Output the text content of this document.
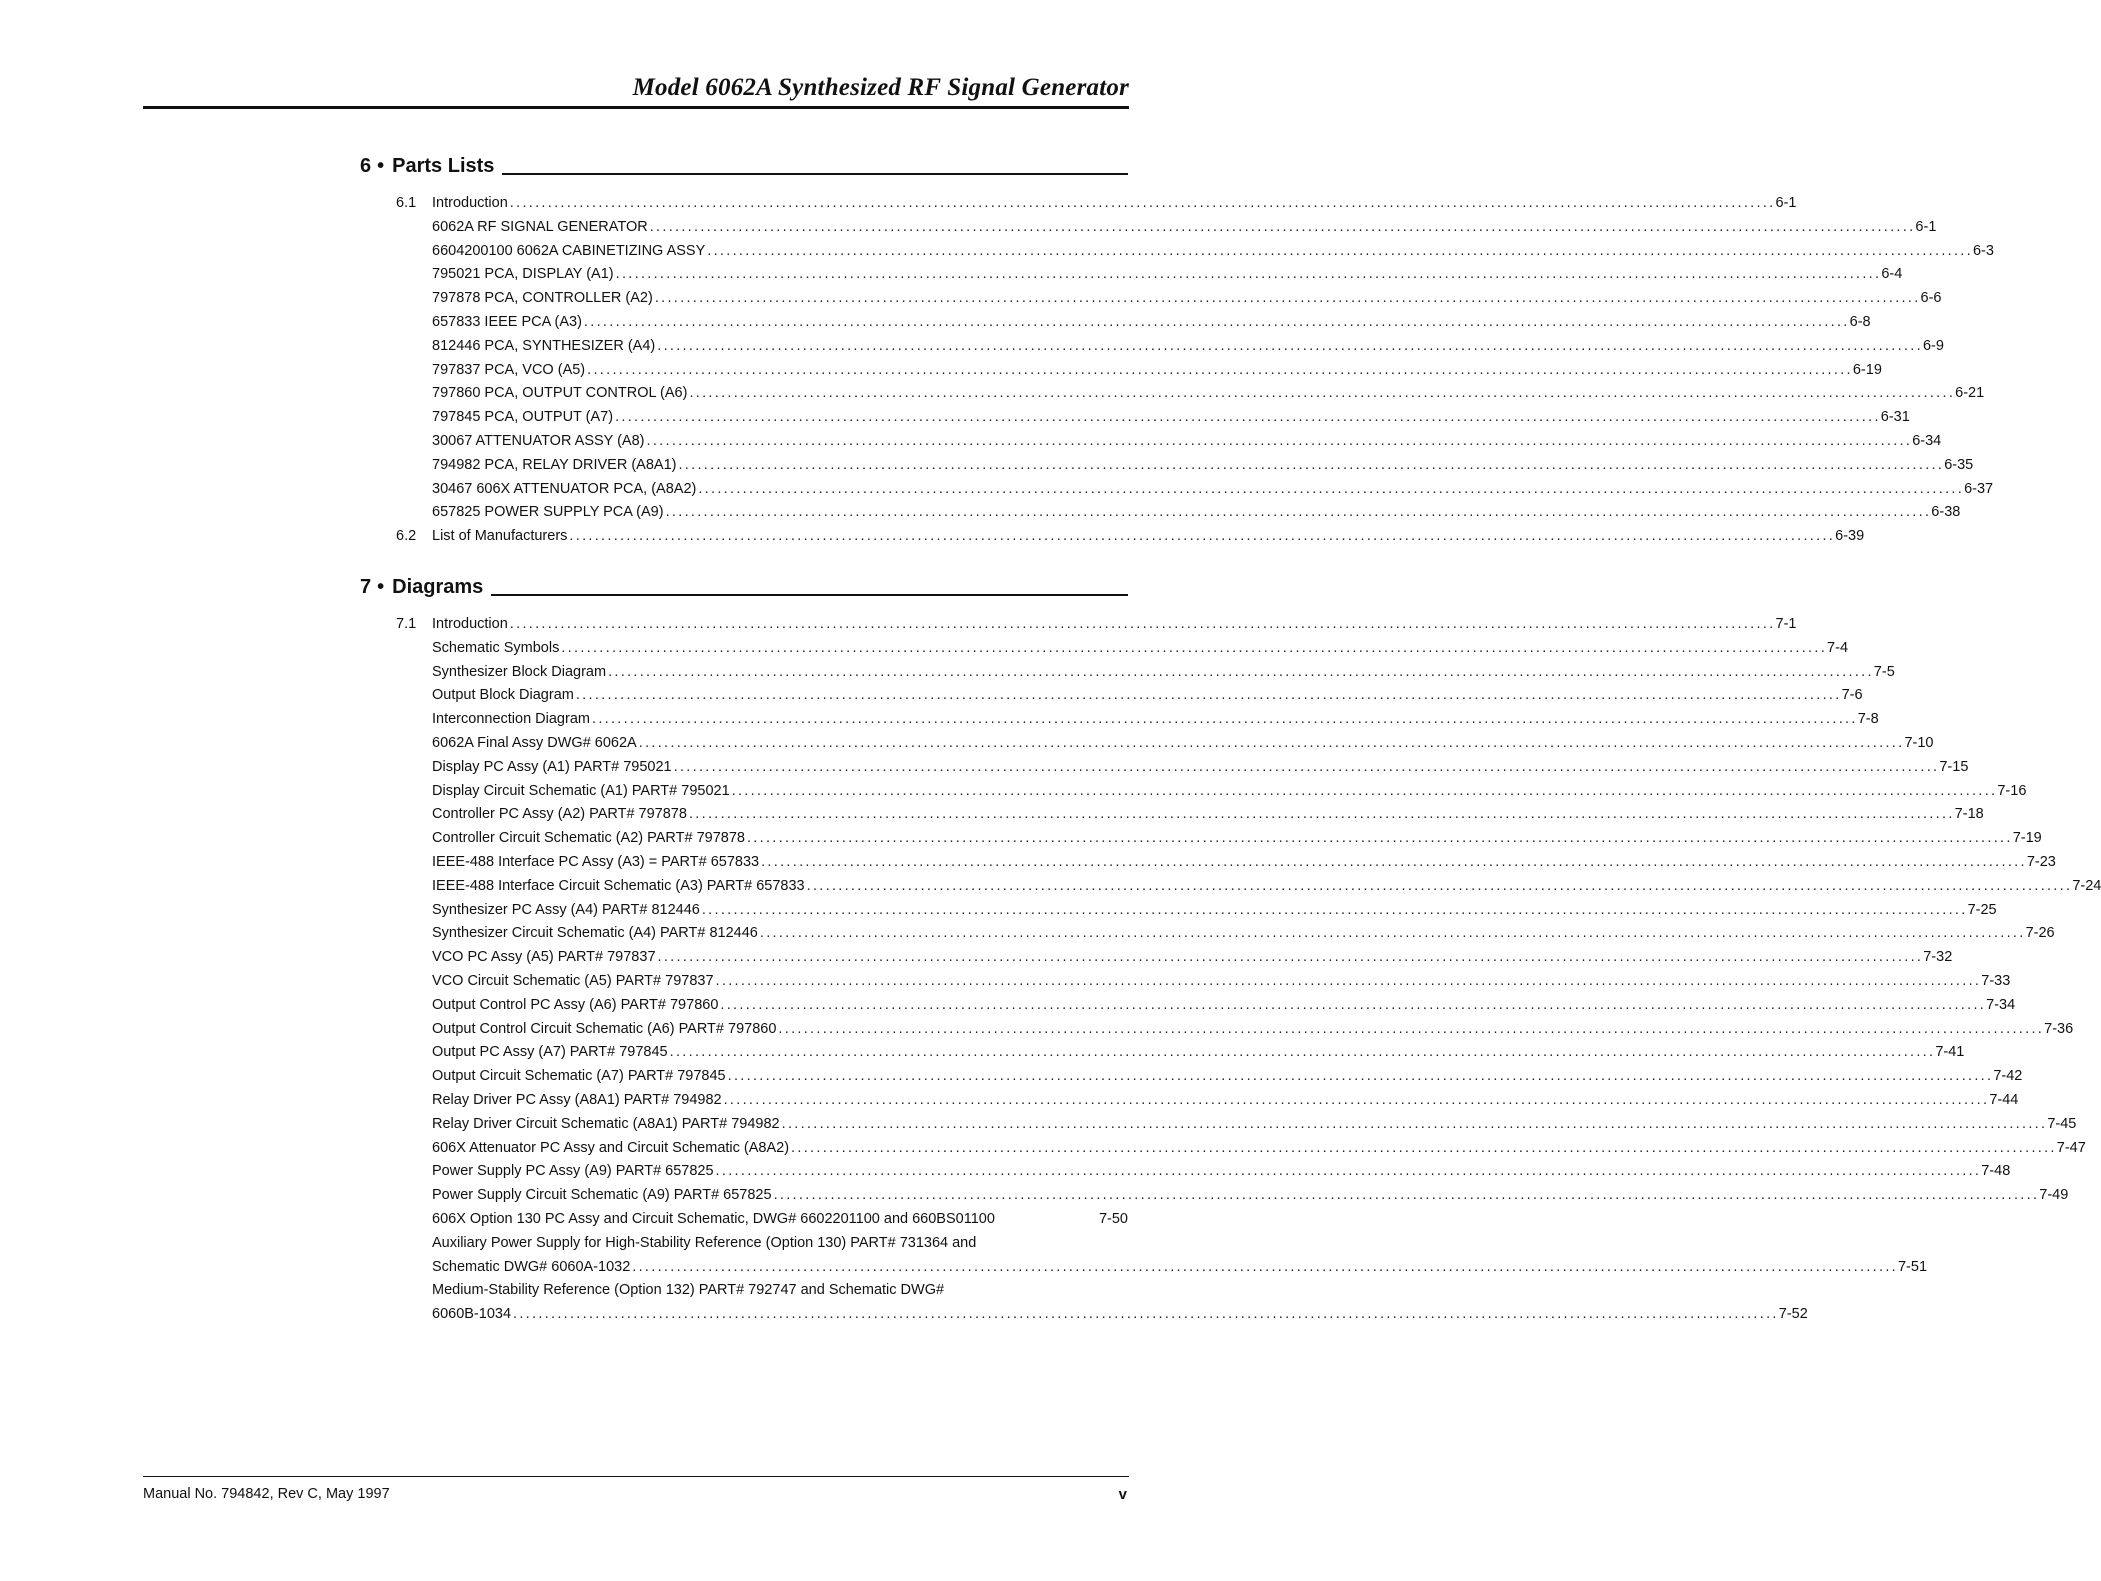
Model 6062A Synthesized RF Signal Generator
6 • Parts Lists
6.1	Introduction ........................................................................................................................................................................................................ 6-1
6062A RF SIGNAL GENERATOR ........................................................................................................................................................................................................ 6-1
6604200100 6062A CABINETIZING ASSY ........................................................................................................................................................................................................ 6-3
795021 PCA, DISPLAY (A1) ........................................................................................................................................................................................................ 6-4
797878 PCA, CONTROLLER (A2) ........................................................................................................................................................................................................ 6-6
657833 IEEE PCA (A3) ........................................................................................................................................................................................................ 6-8
812446 PCA, SYNTHESIZER (A4) ........................................................................................................................................................................................................ 6-9
797837 PCA, VCO (A5) ........................................................................................................................................................................................................ 6-19
797860 PCA, OUTPUT CONTROL (A6) ........................................................................................................................................................................................................ 6-21
797845 PCA, OUTPUT (A7) ........................................................................................................................................................................................................ 6-31
30067 ATTENUATOR ASSY (A8) ........................................................................................................................................................................................................ 6-34
794982 PCA, RELAY DRIVER (A8A1) ........................................................................................................................................................................................................ 6-35
30467 606X ATTENUATOR PCA, (A8A2) ........................................................................................................................................................................................................ 6-37
657825 POWER SUPPLY PCA (A9) ........................................................................................................................................................................................................ 6-38
6.2	List of Manufacturers ........................................................................................................................................................................................................ 6-39
7 • Diagrams
7.1	Introduction ........................................................................................................................................................................................................ 7-1
Schematic Symbols ........................................................................................................................................................................................................ 7-4
Synthesizer Block Diagram ........................................................................................................................................................................................................ 7-5
Output Block Diagram ........................................................................................................................................................................................................ 7-6
Interconnection Diagram ........................................................................................................................................................................................................ 7-8
6062A Final Assy DWG# 6062A ........................................................................................................................................................................................................ 7-10
Display PC Assy (A1) PART# 795021 ........................................................................................................................................................................................................ 7-15
Display Circuit Schematic (A1) PART# 795021 ........................................................................................................................................................................................................ 7-16
Controller PC Assy (A2) PART# 797878 ........................................................................................................................................................................................................ 7-18
Controller Circuit Schematic (A2) PART# 797878 ........................................................................................................................................................................................................ 7-19
IEEE-488 Interface PC Assy (A3) = PART# 657833 ........................................................................................................................................................................................................ 7-23
IEEE-488 Interface Circuit Schematic (A3) PART# 657833 ........................................................................................................................................................................................................ 7-24
Synthesizer PC Assy (A4) PART# 812446 ........................................................................................................................................................................................................ 7-25
Synthesizer Circuit Schematic (A4) PART# 812446 ........................................................................................................................................................................................................ 7-26
VCO PC Assy (A5) PART# 797837 ........................................................................................................................................................................................................ 7-32
VCO Circuit Schematic (A5) PART# 797837 ........................................................................................................................................................................................................ 7-33
Output Control PC Assy (A6) PART# 797860 ........................................................................................................................................................................................................ 7-34
Output Control Circuit Schematic (A6) PART# 797860 ........................................................................................................................................................................................................ 7-36
Output PC Assy (A7) PART# 797845 ........................................................................................................................................................................................................ 7-41
Output Circuit Schematic (A7) PART# 797845 ........................................................................................................................................................................................................ 7-42
Relay Driver PC Assy (A8A1) PART# 794982 ........................................................................................................................................................................................................ 7-44
Relay Driver Circuit Schematic (A8A1) PART# 794982 ........................................................................................................................................................................................................ 7-45
606X Attenuator PC Assy and Circuit Schematic (A8A2) ........................................................................................................................................................................................................ 7-47
Power Supply PC Assy (A9) PART# 657825 ........................................................................................................................................................................................................ 7-48
Power Supply Circuit Schematic (A9) PART# 657825 ........................................................................................................................................................................................................ 7-49
606X Option 130 PC Assy and Circuit Schematic, DWG# 6602201100 and 660BS01100	7-50
Auxiliary Power Supply for High-Stability Reference (Option 130) PART# 731364 and
Schematic DWG# 6060A-1032 ........................................................................................................................................................................................................ 7-51
Medium-Stability Reference (Option 132) PART# 792747 and Schematic DWG#
6060B-1034 ........................................................................................................................................................................................................ 7-52
Manual No. 794842, Rev C, May 1997	v
